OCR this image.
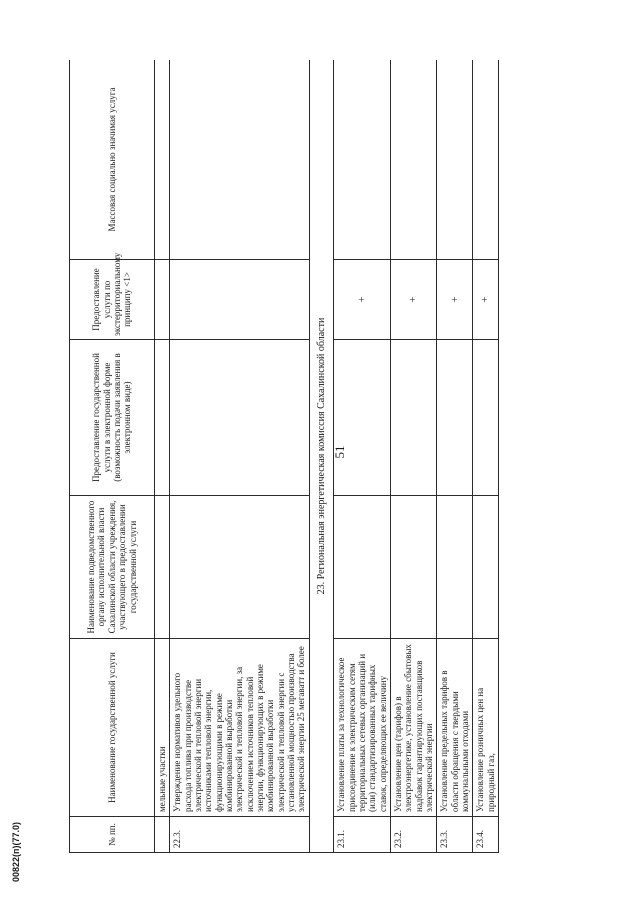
51
№ пп.	Наименование государственной услуги	Наименование подведомственного органу исполнительной власти Сахалинской области учреждения, участвующего в предоставлении государственной услуги	Предоставление государственной услуги в электронной форме (возможность подачи заявления в электронном виде)	Предоставление услуги по экстерриториальному принципу <1>	Массовая социально значимая услуга
	мельные участки				
22.3.	Утверждение нормативов удельного расхода топлива при производстве электрической и тепловой энергии источниками тепловой энергии, функционирующими в режиме комбинированной выработки электрической и тепловой энергии, за исключением источников тепловой энергии, функционирующих в режиме комбинированной выработки электрической и тепловой энергии с установленной мощностью производства электрической энергии 25 мегаватт и более				
23. Региональная энергетическая комиссия Сахалинской области					
23.1.	Установление платы за технологическое присоединение к электрическим сетям территориальных сетевых организаций и (или) стандартизированных тарифных ставок, определяющих ее величину			+	
23.2.	Установление цен (тарифов) в электроэнергетике, установление сбытовых надбавок гарантирующих поставщиков электрической энергии			+	
23.3.	Установление предельных тарифов в области обращения с твердыми коммунальными отходами			+	
23.4.	Установление розничных цен на природный газ,			+	
00822(п)(77.0)
